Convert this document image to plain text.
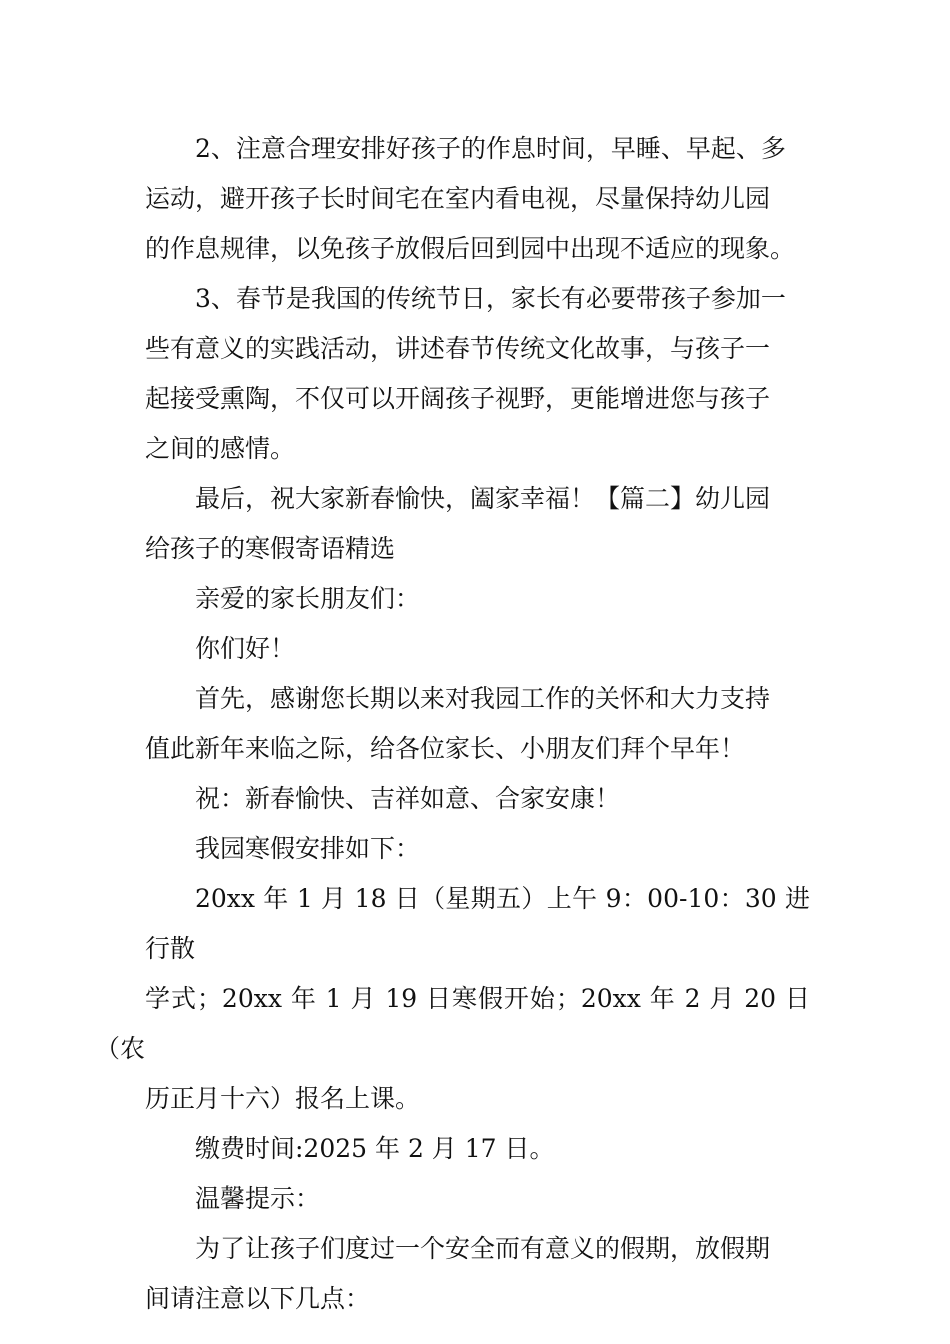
2、注意合理安排好孩子的作息时间，早睡、早起、多
运动，避开孩子长时间宅在室内看电视，尽量保持幼儿园
的作息规律，以免孩子放假后回到园中出现不适应的现象。

3、春节是我国的传统节日，家长有必要带孩子参加一
些有意义的实践活动，讲述春节传统文化故事，与孩子一
起接受熏陶，不仅可以开阔孩子视野，更能增进您与孩子
之间的感情。

最后，祝大家新春愉快，阖家幸福！【篇二】幼儿园
给孩子的寒假寄语精选

亲爱的家长朋友们：

你们好！

首先，感谢您长期以来对我园工作的关怀和大力支持
值此新年来临之际，给各位家长、小朋友们拜个早年！

祝：新春愉快、吉祥如意、合家安康！

我园寒假安排如下：

20xx 年 1 月 18 日（星期五）上午 9：00-10：30 进行散
学式；20xx 年 1 月 19 日寒假开始；20xx 年 2 月 20 日（农
历正月十六）报名上课。

缴费时间:2025 年 2 月 17 日。

温馨提示：

为了让孩子们度过一个安全而有意义的假期，放假期
间请注意以下几点：
